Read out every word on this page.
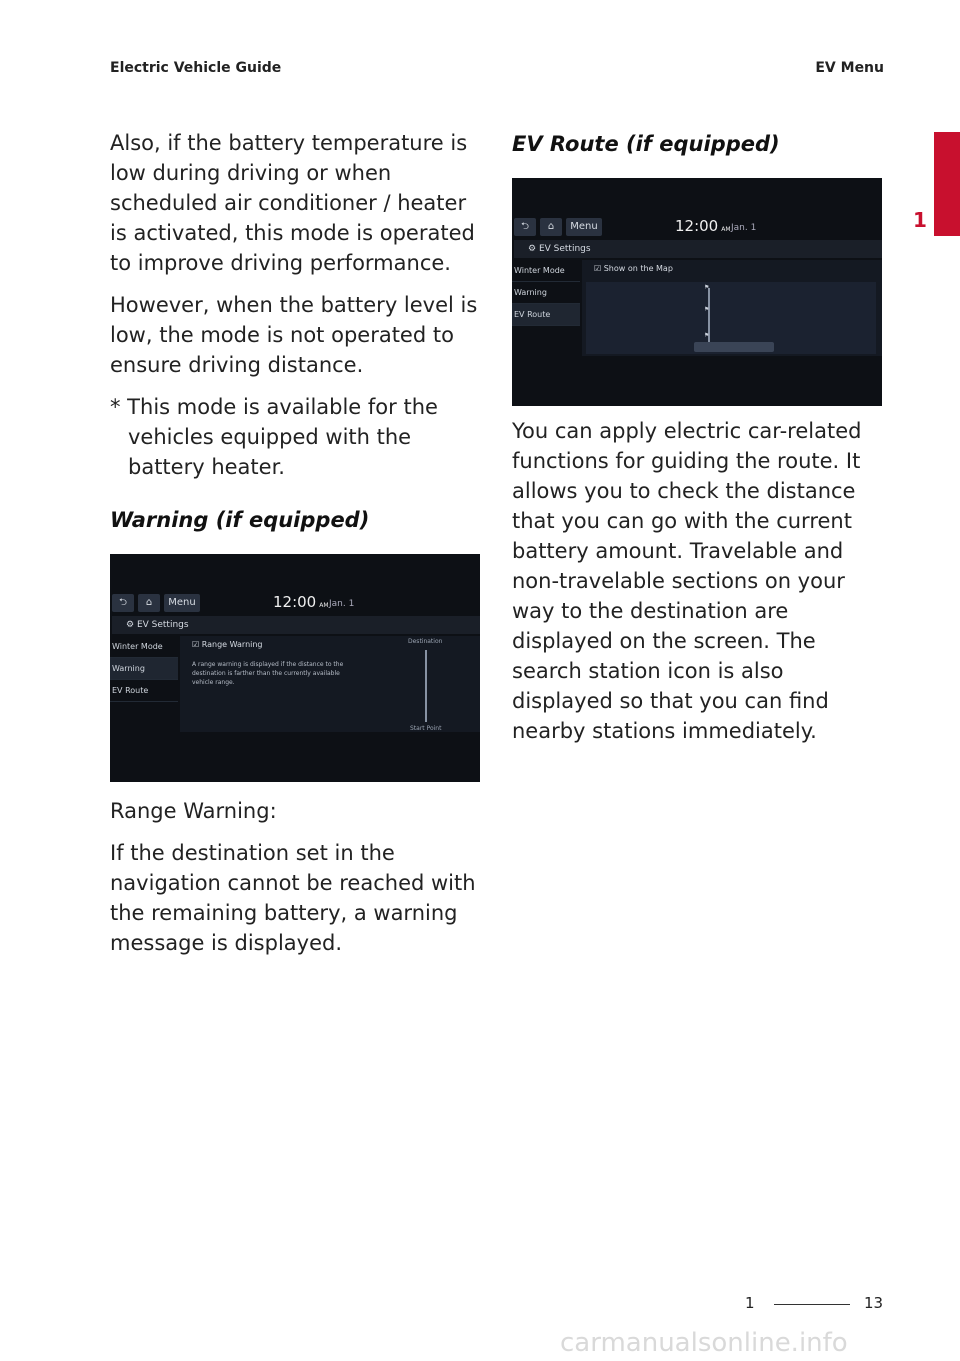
Electric Vehicle Guide	EV Menu
1

Also, if the battery temperature is low during driving or when scheduled air conditioner / heater is activated, this mode is operated to improve driving performance.

However, when the battery level is low, the mode is not operated to ensure driving distance.

* This mode is available for the vehicles equipped with the battery heater.

Warning (if equipped)
⮌	⌂	Menu	12:00 AM Jan. 1
⚙ EV Settings
Winter Mode
Warning
EV Route
☑ Range Warning
A range warning is displayed if the distance to the destination is farther than the currently available vehicle range.
Destination
Start Point

Range Warning:

If the destination set in the navigation cannot be reached with the remaining battery, a warning message is displayed.

EV Route (if equipped)
⮌	⌂	Menu	12:00 AM Jan. 1
⚙ EV Settings
Winter Mode
Warning
EV Route
☑ Show on the Map
⚑
⚑
⚑

You can apply electric car-related functions for guiding the route. It allows you to check the distance that you can go with the current battery amount. Travelable and non-travelable sections on your way to the destination are displayed on the screen. The search station icon is also displayed so that you can find nearby stations immediately.

1	13
carmanualsonline.info
